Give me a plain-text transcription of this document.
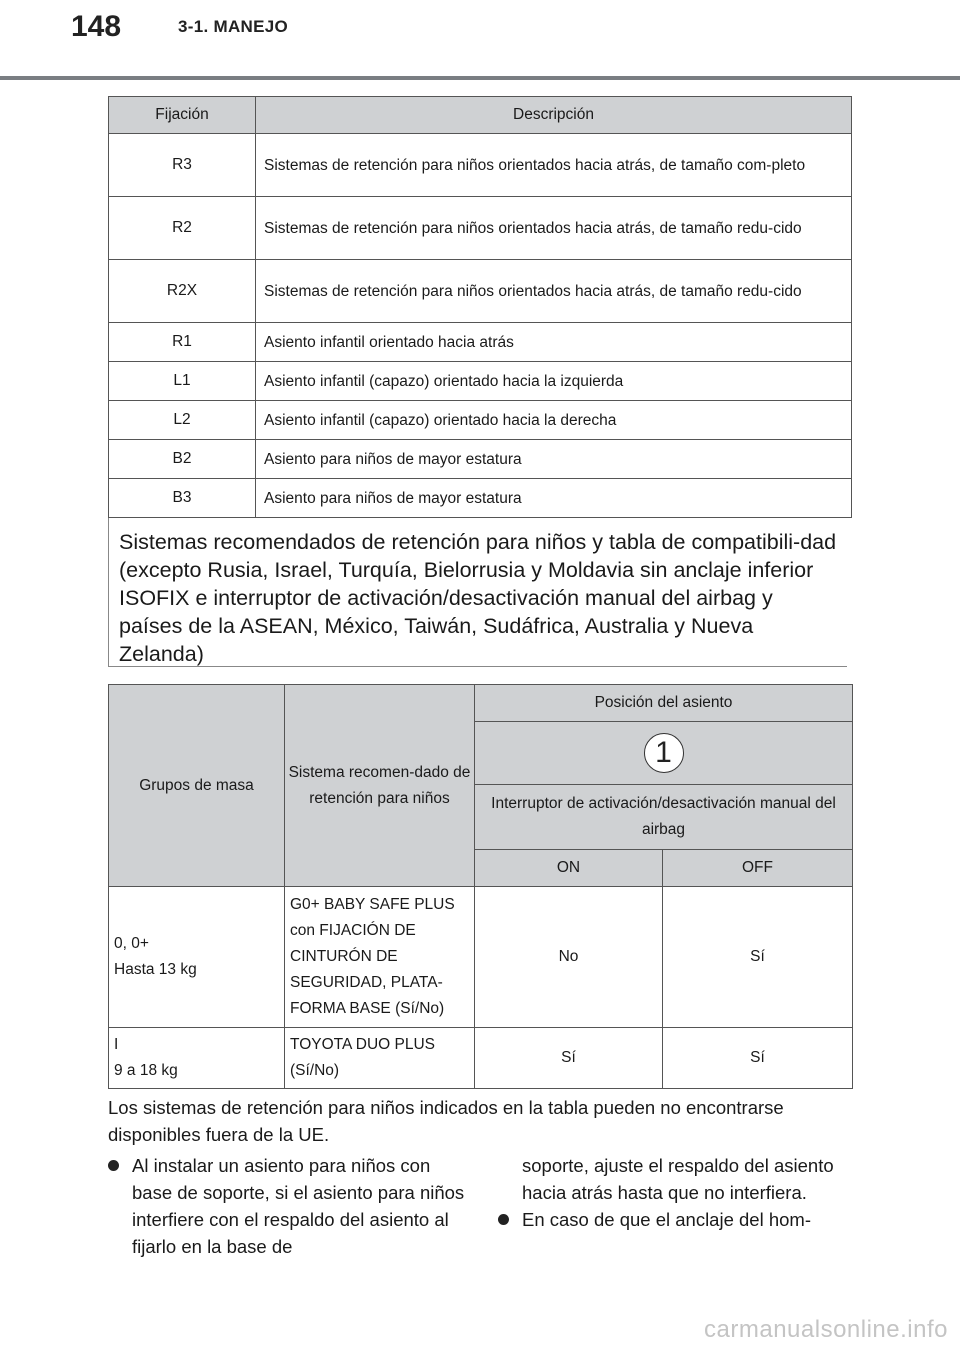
148	3-1. MANEJO
Fijación	Descripción
R3	Sistemas de retención para niños orientados hacia atrás, de tamaño com-pleto
R2	Sistemas de retención para niños orientados hacia atrás, de tamaño redu-cido
R2X	Sistemas de retención para niños orientados hacia atrás, de tamaño redu-cido
R1	Asiento infantil orientado hacia atrás
L1	Asiento infantil (capazo) orientado hacia la izquierda
L2	Asiento infantil (capazo) orientado hacia la derecha
B2	Asiento para niños de mayor estatura
B3	Asiento para niños de mayor estatura

Sistemas recomendados de retención para niños y tabla de compatibili-dad (excepto Rusia, Israel, Turquía, Bielorrusia y Moldavia sin anclaje inferior ISOFIX e interruptor de activación/desactivación manual del airbag y países de la ASEAN, México, Taiwán, Sudáfrica, Australia y Nueva Zelanda)

Grupos de masa	Sistema recomen-dado de retención para niños	Posición del asiento	
		1	
		Interruptor de activación/desactivación manual del airbag	
		ON	OFF

0, 0+
Hasta 13 kg	G0+ BABY SAFE PLUS con FIJACIÓN DE CINTURÓN DE SEGURIDAD, PLATA-FORMA BASE (Sí/No)	No	Sí

I
9 a 18 kg	TOYOTA DUO PLUS (Sí/No)	Sí	Sí

Los sistemas de retención para niños indicados en la tabla pueden no encontrarse disponibles fuera de la UE.

Al instalar un asiento para niños con base de soporte, si el asiento para niños interfiere con el respaldo del asiento al fijarlo en la base de
soporte, ajuste el respaldo del asiento hacia atrás hasta que no interfiera.
En caso de que el anclaje del hom-
carmanualsonline.info
